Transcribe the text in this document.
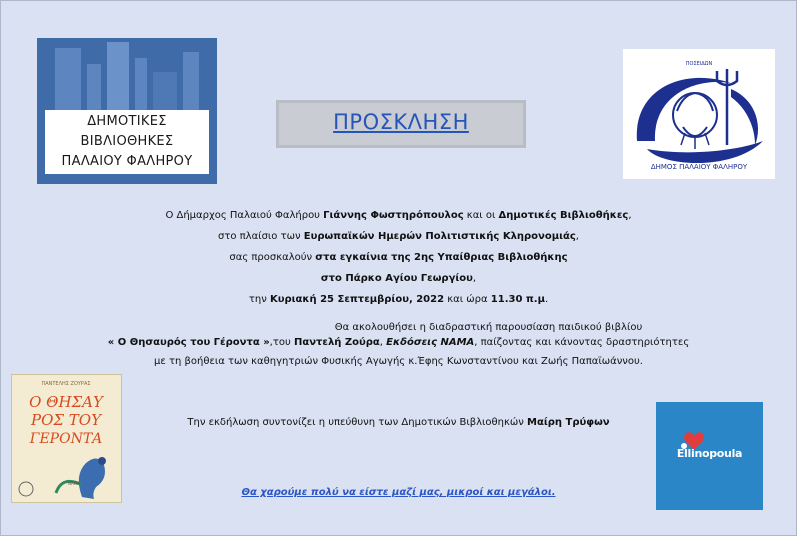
ΔΗΜΟΤΙΚΕΣ
ΒΙΒΛΙΟΘΗΚΕΣ
ΠΑΛΑΙΟΥ ΦΑΛΗΡΟΥ
ΠΡΟΣΚΛΗΣΗ
ΠΟΣΕΙΔΩΝ
ΔΗΜΟΣ ΠΑΛΑΙΟΥ ΦΑΛΗΡΟΥ
Ο Δήμαρχος Παλαιού Φαλήρου Γιάννης Φωστηρόπουλος και οι Δημοτικές Βιβλιοθήκες,
στο πλαίσιο των Ευρωπαϊκών Ημερών Πολιτιστικής Κληρονομιάς,
σας προσκαλούν στα εγκαίνια της 2ης Υπαίθριας Βιβλιοθήκης
στο Πάρκο Αγίου Γεωργίου,
την Κυριακή 25 Σεπτεμβρίου, 2022 και ώρα 11.30 π.μ.
Θα ακολουθήσει η διαδραστική παρουσίαση παιδικού βιβλίου
« Ο Θησαυρός του Γέροντα »,του Παντελή Ζούρα, Εκδόσεις ΝΑΜΑ, παίζοντας και κάνοντας δραστηριότητες
με τη βοήθεια των καθηγητριών Φυσικής Αγωγής κ.Έφης Κωνσταντίνου και Ζωής Παπαϊωάννου.
Την εκδήλωση συντονίζει η υπεύθυνη των Δημοτικών Βιβλιοθηκών Μαίρη Τρύφων
ΠΑΝΤΕΛΗΣ ΖΟΥΡΑΣ
Ο ΘΗΣΑΥ
ΡΟΣ ΤΟΥ
ΓΕΡΟΝΤΑ
ΝΑΜΑ
Ellinopoula
Θα χαρούμε πολύ να είστε μαζί μας, μικροί και μεγάλοι.
